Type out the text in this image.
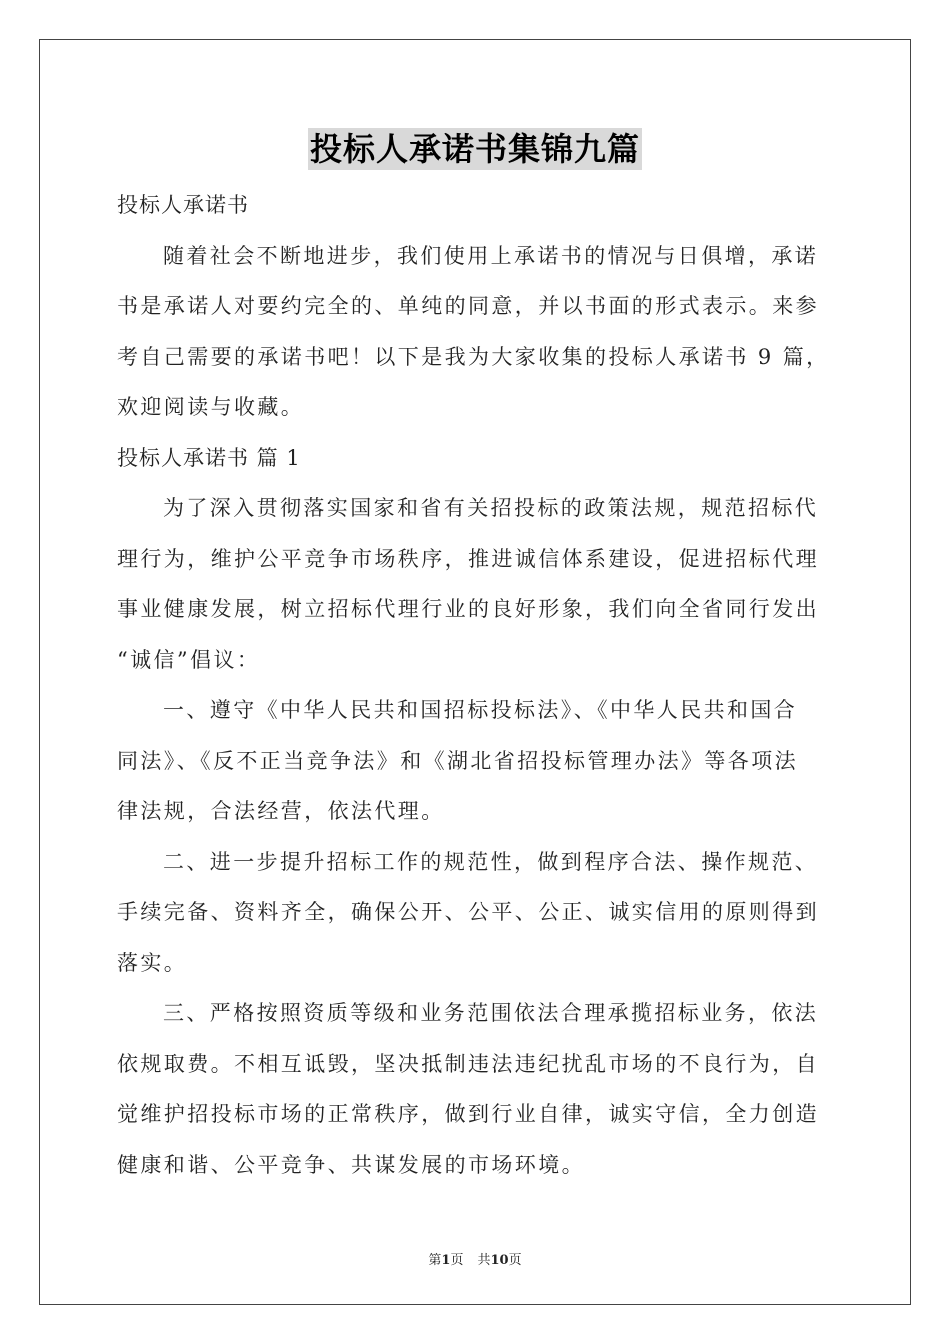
投标人承诺书集锦九篇
投标人承诺书
随着社会不断地进步，我们使用上承诺书的情况与日俱增，承诺
书是承诺人对要约完全的、单纯的同意，并以书面的形式表示。来参
考自己需要的承诺书吧！以下是我为大家收集的投标人承诺书 9 篇，
欢迎阅读与收藏。
投标人承诺书 篇 1
为了深入贯彻落实国家和省有关招投标的政策法规，规范招标代
理行为，维护公平竞争市场秩序，推进诚信体系建设，促进招标代理
事业健康发展，树立招标代理行业的良好形象，我们向全省同行发出
“诚信”倡议：
一、遵守《中华人民共和国招标投标法》、《中华人民共和国合
同法》、《反不正当竞争法》和《湖北省招投标管理办法》等各项法
律法规，合法经营，依法代理。
二、进一步提升招标工作的规范性，做到程序合法、操作规范、
手续完备、资料齐全，确保公开、公平、公正、诚实信用的原则得到
落实。
三、严格按照资质等级和业务范围依法合理承揽招标业务，依法
依规取费。不相互诋毁，坚决抵制违法违纪扰乱市场的不良行为，自
觉维护招投标市场的正常秩序，做到行业自律，诚实守信，全力创造
健康和谐、公平竞争、共谋发展的市场环境。
第1页 共10页
